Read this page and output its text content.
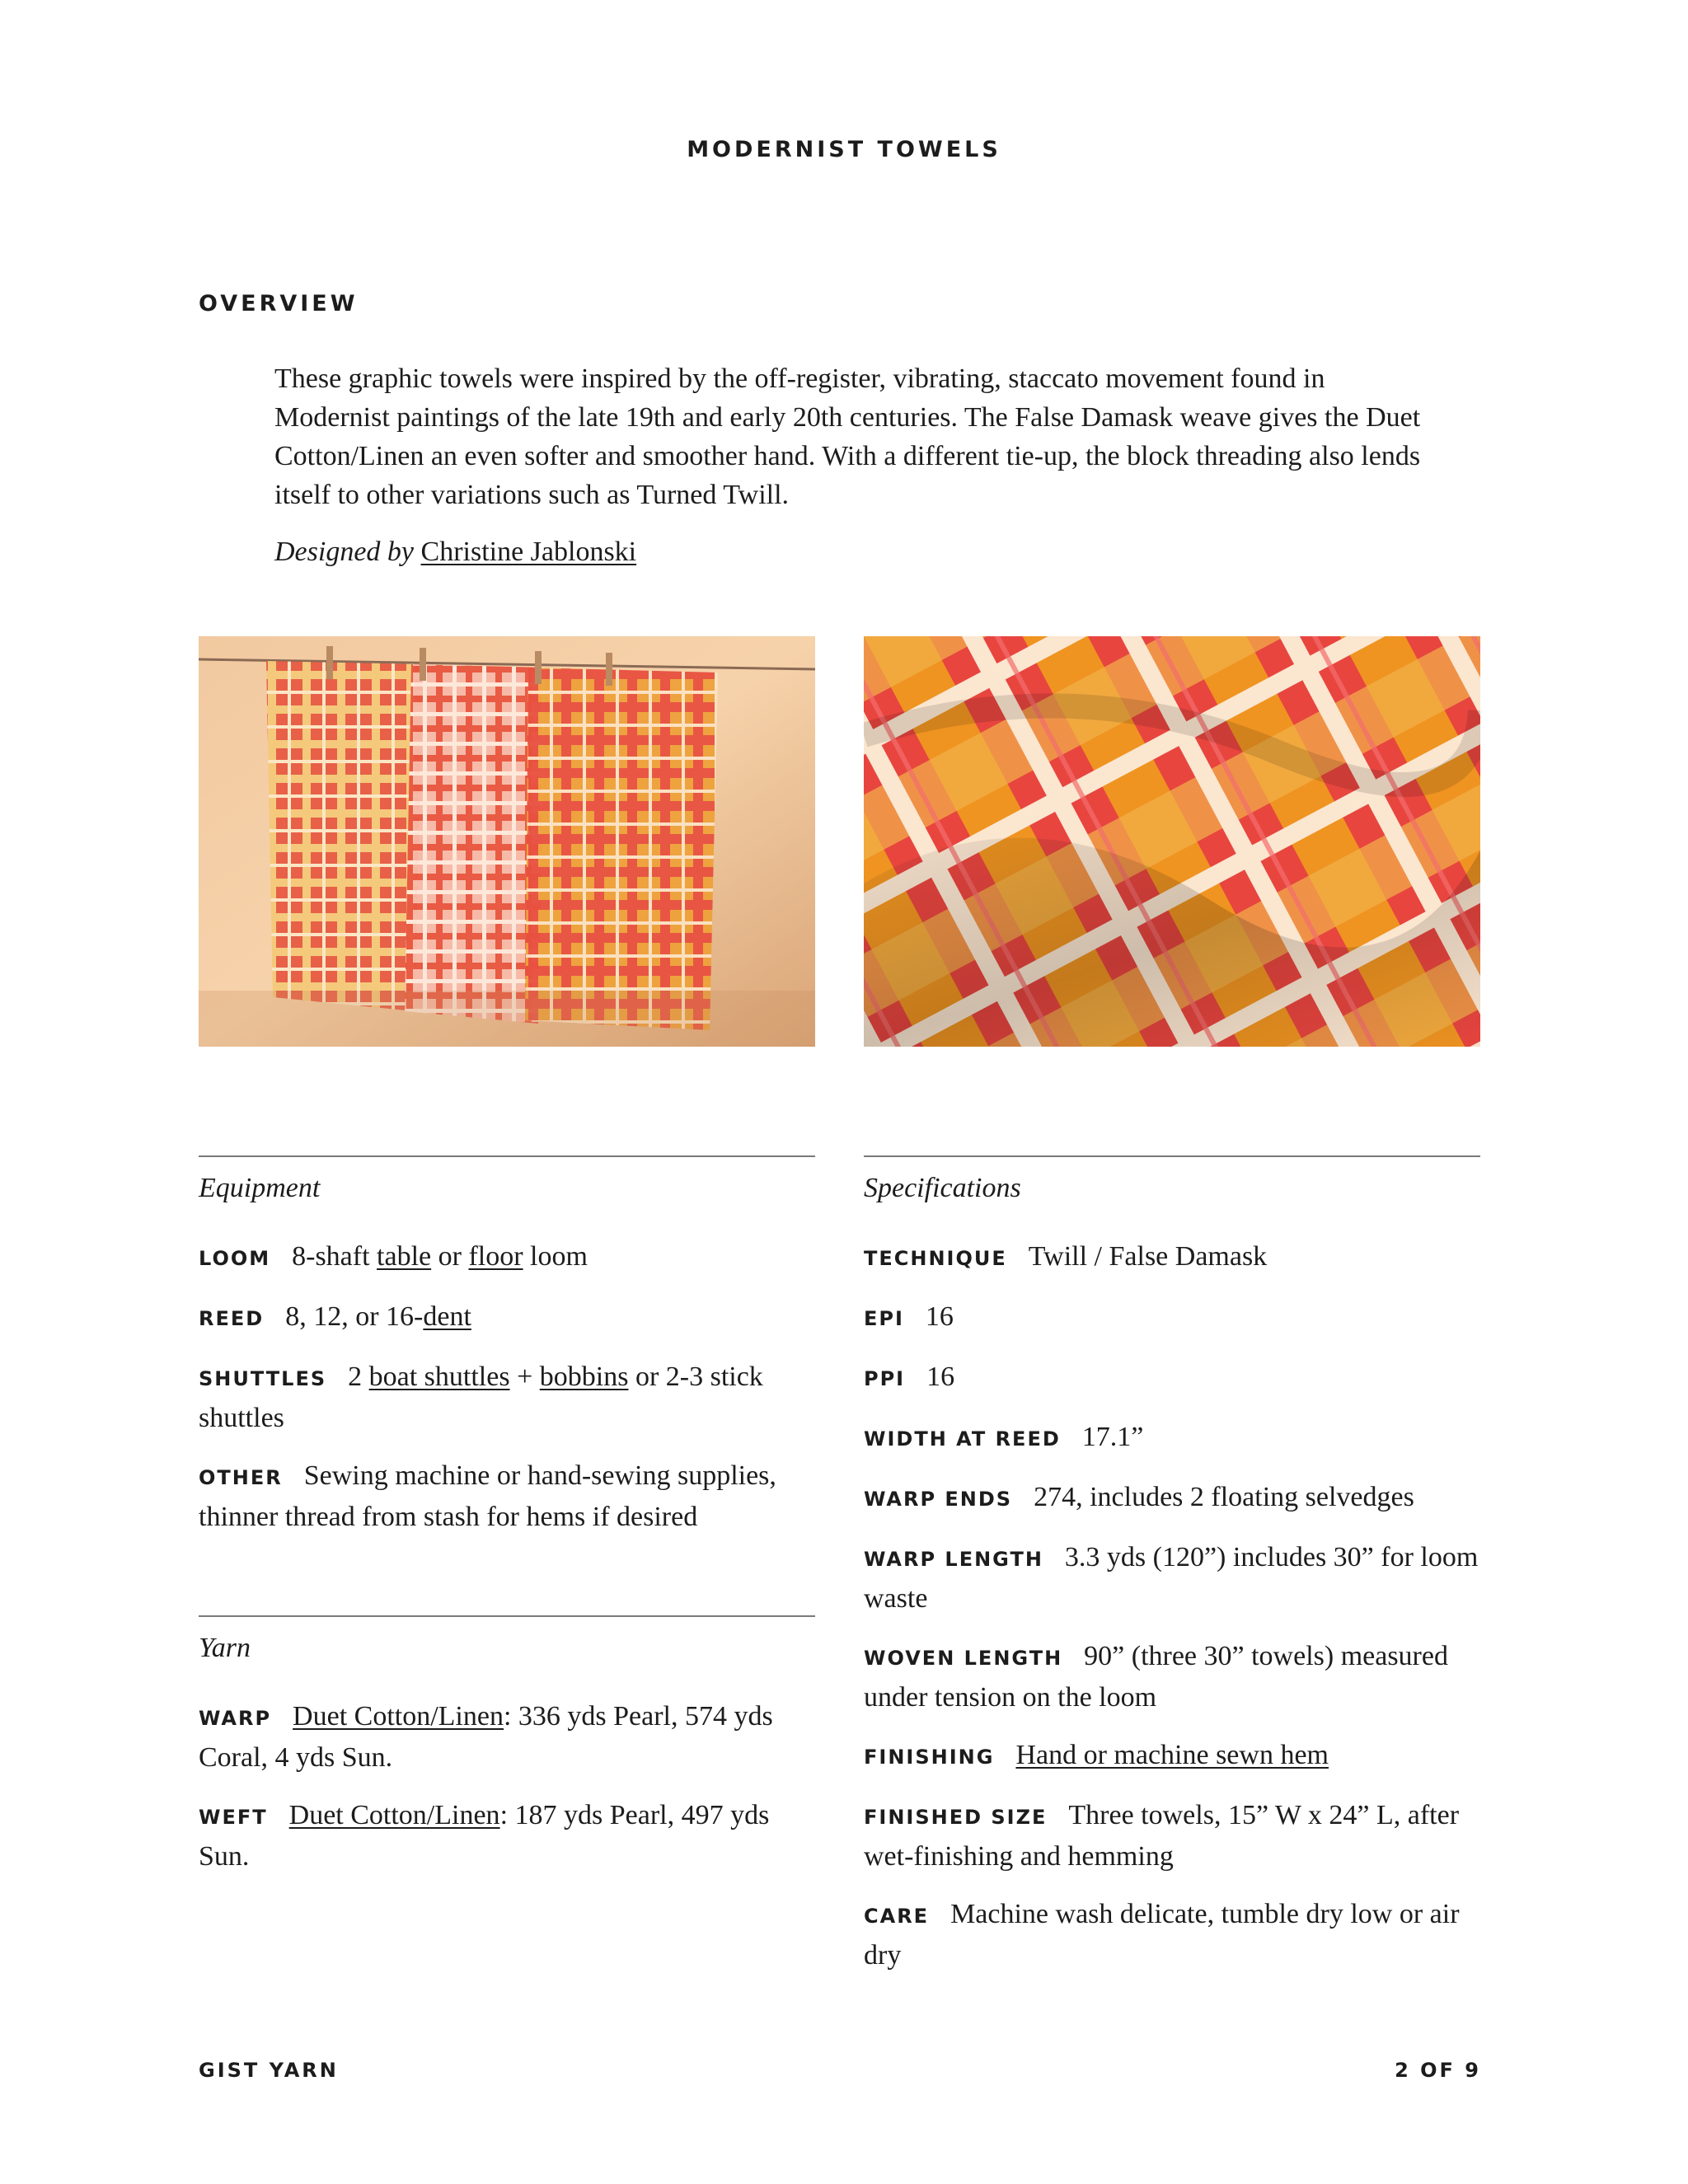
MODERNIST TOWELS
OVERVIEW

These graphic towels were inspired by the off-register, vibrating, staccato movement found in Modernist paintings of the late 19th and early 20th centuries. The False Damask weave gives the Duet Cotton/Linen an even softer and smoother hand. With a different tie-up, the block threading also lends itself to other variations such as Turned Twill.

Designed by Christine Jablonski
Equipment
LOOM 8-shaft table or floor loom
REED 8, 12, or 16-dent
SHUTTLES 2 boat shuttles + bobbins or 2-3 stick shuttles
OTHER Sewing machine or hand-sewing supplies, thinner thread from stash for hems if desired
Yarn
WARP Duet Cotton/Linen: 336 yds Pearl, 574 yds Coral, 4 yds Sun.
WEFT Duet Cotton/Linen: 187 yds Pearl, 497 yds Sun.
Specifications
TECHNIQUE Twill / False Damask
EPI 16
PPI 16
WIDTH AT REED 17.1”
WARP ENDS 274, includes 2 floating selvedges
WARP LENGTH 3.3 yds (120”) includes 30” for loom waste
WOVEN LENGTH 90” (three 30” towels) measured under tension on the loom
FINISHING Hand or machine sewn hem
FINISHED SIZE Three towels, 15” W x 24” L, after wet-finishing and hemming
CARE Machine wash delicate, tumble dry low or air dry
GIST YARN	2 OF 9
